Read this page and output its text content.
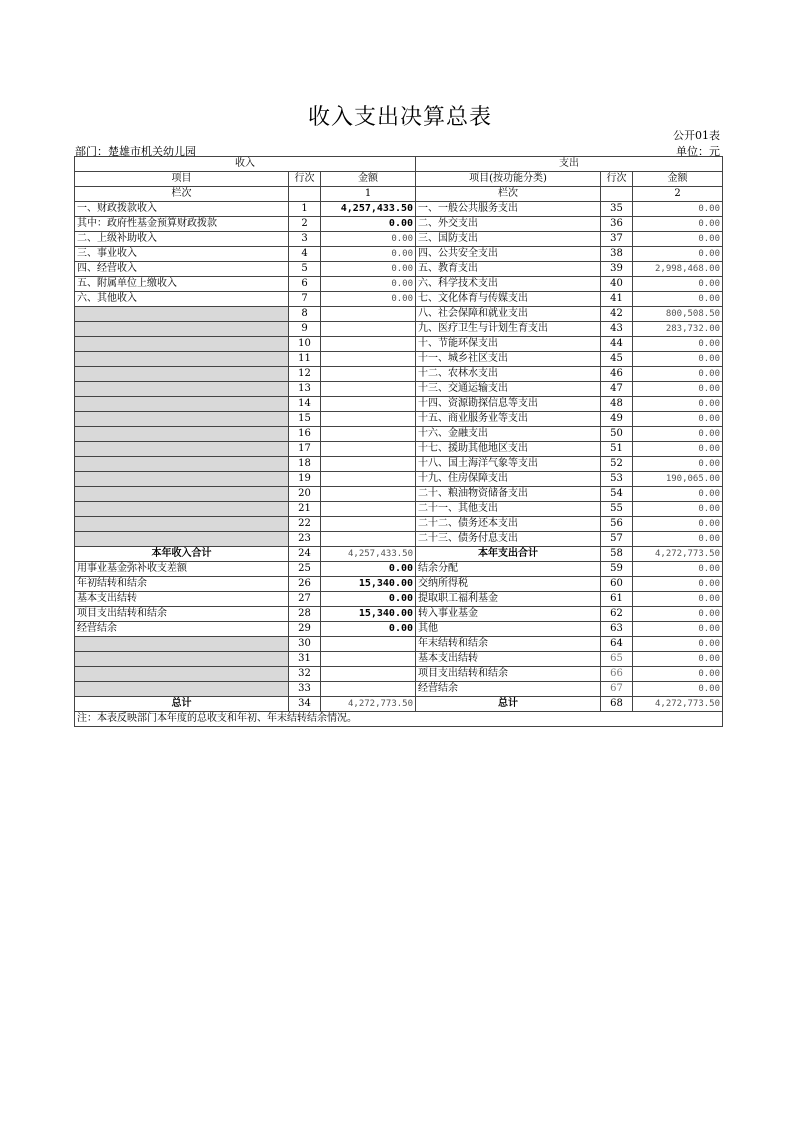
收入支出决算总表
公开01表
部门：楚雄市机关幼儿园	单位：元
收入			支出		
项目	行次	金额	项目(按功能分类)	行次	金额
栏次		1	栏次		2
一、财政拨款收入	1	4,257,433.50	一、一般公共服务支出	35	0.00
其中：政府性基金预算财政拨款	2	0.00	二、外交支出	36	0.00
二、上级补助收入	3	0.00	三、国防支出	37	0.00
三、事业收入	4	0.00	四、公共安全支出	38	0.00
四、经营收入	5	0.00	五、教育支出	39	2,998,468.00
五、附属单位上缴收入	6	0.00	六、科学技术支出	40	0.00
六、其他收入	7	0.00	七、文化体育与传媒支出	41	0.00
	8		八、社会保障和就业支出	42	800,508.50
	9		九、医疗卫生与计划生育支出	43	283,732.00
	10		十、节能环保支出	44	0.00
	11		十一、城乡社区支出	45	0.00
	12		十二、农林水支出	46	0.00
	13		十三、交通运输支出	47	0.00
	14		十四、资源勘探信息等支出	48	0.00
	15		十五、商业服务业等支出	49	0.00
	16		十六、金融支出	50	0.00
	17		十七、援助其他地区支出	51	0.00
	18		十八、国土海洋气象等支出	52	0.00
	19		十九、住房保障支出	53	190,065.00
	20		二十、粮油物资储备支出	54	0.00
	21		二十一、其他支出	55	0.00
	22		二十二、债务还本支出	56	0.00
	23		二十三、债务付息支出	57	0.00
本年收入合计	24	4,257,433.50	本年支出合计	58	4,272,773.50
用事业基金弥补收支差额	25	0.00	结余分配	59	0.00
年初结转和结余	26	15,340.00	交纳所得税	60	0.00
基本支出结转	27	0.00	提取职工福利基金	61	0.00
项目支出结转和结余	28	15,340.00	转入事业基金	62	0.00
经营结余	29	0.00	其他	63	0.00
	30		年末结转和结余	64	0.00
	31		基本支出结转	65	0.00
	32		项目支出结转和结余	66	0.00
	33		经营结余	67	0.00
总计	34	4,272,773.50	总计	68	4,272,773.50
注：本表反映部门本年度的总收支和年初、年末结转结余情况。					
